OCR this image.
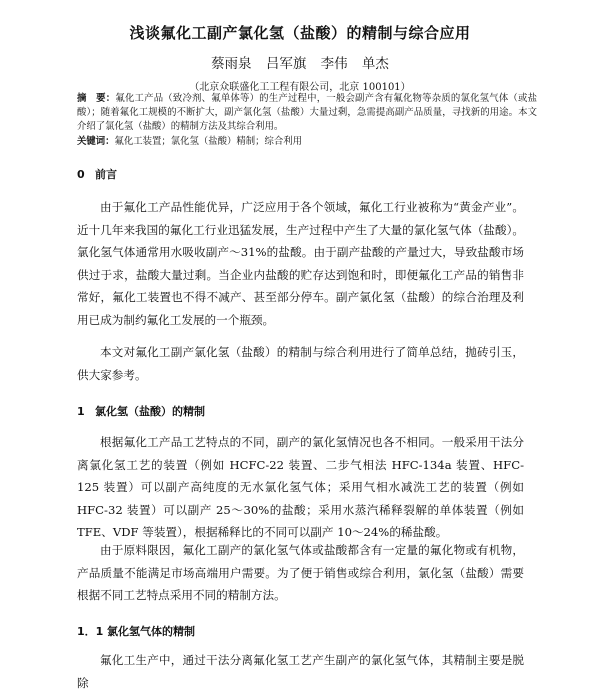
浅谈氟化工副产氯化氢（盐酸）的精制与综合应用
蔡雨泉 吕军旗 李伟 单杰
（北京众联盛化工工程有限公司，北京 100101）
摘　要：氟化工产品（致冷剂、氟单体等）的生产过程中，一般会副产含有氟化物等杂质的氯化氢气体（或盐酸）；随着氟化工规模的不断扩大，副产氯化氢（盐酸）大量过剩，急需提高副产品质量，寻找新的用途。本文介绍了氯化氢（盐酸）的精制方法及其综合利用。
关键词：氟化工装置；氯化氢（盐酸）精制；综合利用
0 前言

由于氟化工产品性能优异，广泛应用于各个领域，氟化工行业被称为“黄金产业”。近十几年来我国的氟化工行业迅猛发展，生产过程中产生了大量的氯化氢气体（盐酸）。氯化氢气体通常用水吸收副产～31%的盐酸。由于副产盐酸的产量过大，导致盐酸市场供过于求，盐酸大量过剩。当企业内盐酸的贮存达到饱和时，即便氟化工产品的销售非常好，氟化工装置也不得不减产、甚至部分停车。副产氯化氢（盐酸）的综合治理及利用已成为制约氟化工发展的一个瓶颈。

本文对氟化工副产氯化氢（盐酸）的精制与综合利用进行了简单总结，抛砖引玉，供大家参考。

1 氯化氢（盐酸）的精制

根据氟化工产品工艺特点的不同，副产的氯化氢情况也各不相同。一般采用干法分离氯化氢工艺的装置（例如 HCFC-22 装置、二步气相法 HFC-134a 装置、HFC-125 装置）可以副产高纯度的无水氯化氢气体；采用气相水减洗工艺的装置（例如 HFC-32 装置）可以副产 25～30%的盐酸；采用水蒸汽稀释裂解的单体装置（例如 TFE、VDF 等装置），根据稀释比的不同可以副产 10～24%的稀盐酸。

由于原料限因，氟化工副产的氯化氢气体或盐酸都含有一定量的氟化物或有机物，产品质量不能满足市场高端用户需要。为了便于销售或综合利用，氯化氢（盐酸）需要根据不同工艺特点采用不同的精制方法。

1．1 氯化氢气体的精制

氟化工生产中，通过干法分离氟化氢工艺产生副产的氯化氢气体，其精制主要是脱除
